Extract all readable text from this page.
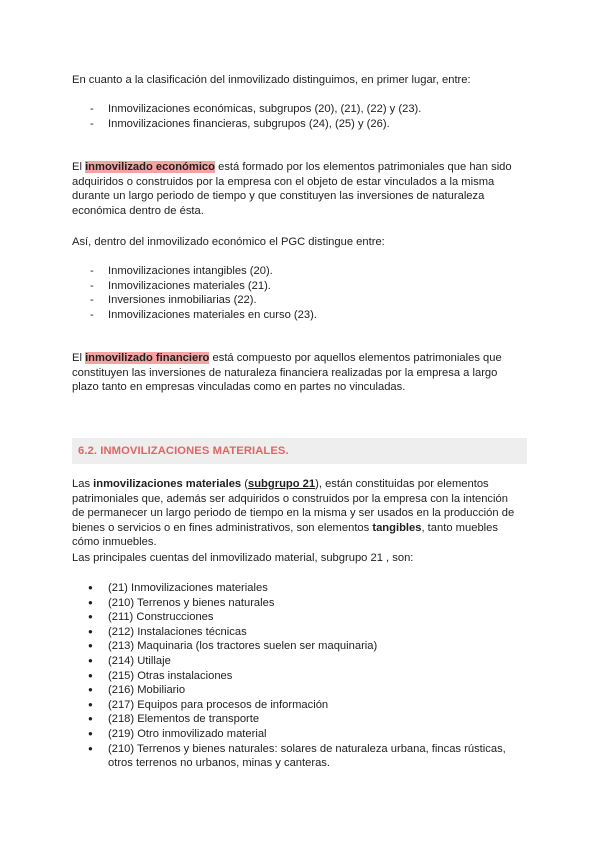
En cuanto a la clasificación del inmovilizado distinguimos, en primer lugar, entre:

- Inmovilizaciones económicas, subgrupos (20), (21), (22) y (23).
- Inmovilizaciones financieras, subgrupos (24), (25) y (26).

El inmovilizado económico está formado por los elementos patrimoniales que han sido adquiridos o construidos por la empresa con el objeto de estar vinculados a la misma durante un largo periodo de tiempo y que constituyen las inversiones de naturaleza económica dentro de ésta.

Así, dentro del inmovilizado económico el PGC distingue entre:

- Inmovilizaciones intangibles (20).
- Inmovilizaciones materiales (21).
- Inversiones inmobiliarias (22).
- Inmovilizaciones materiales en curso (23).

El inmovilizado financiero está compuesto por aquellos elementos patrimoniales que constituyen las inversiones de naturaleza financiera realizadas por la empresa a largo plazo tanto en empresas vinculadas como en partes no vinculadas.

6.2. INMOVILIZACIONES MATERIALES.

Las inmovilizaciones materiales (subgrupo 21), están constituidas por elementos patrimoniales que, además ser adquiridos o construidos por la empresa con la intención de permanecer un largo periodo de tiempo en la misma y ser usados en la producción de bienes o servicios o en fines administrativos, son elementos tangibles, tanto muebles cómo inmuebles.

Las principales cuentas del inmovilizado material, subgrupo 21 , son:

● (21) Inmovilizaciones materiales
● (210) Terrenos y bienes naturales
● (211) Construcciones
● (212) Instalaciones técnicas
● (213) Maquinaria (los tractores suelen ser maquinaria)
● (214) Utillaje
● (215) Otras instalaciones
● (216) Mobiliario
● (217) Equipos para procesos de información
● (218) Elementos de transporte
● (219) Otro inmovilizado material
● (210) Terrenos y bienes naturales: solares de naturaleza urbana, fincas rústicas, otros terrenos no urbanos, minas y canteras.
